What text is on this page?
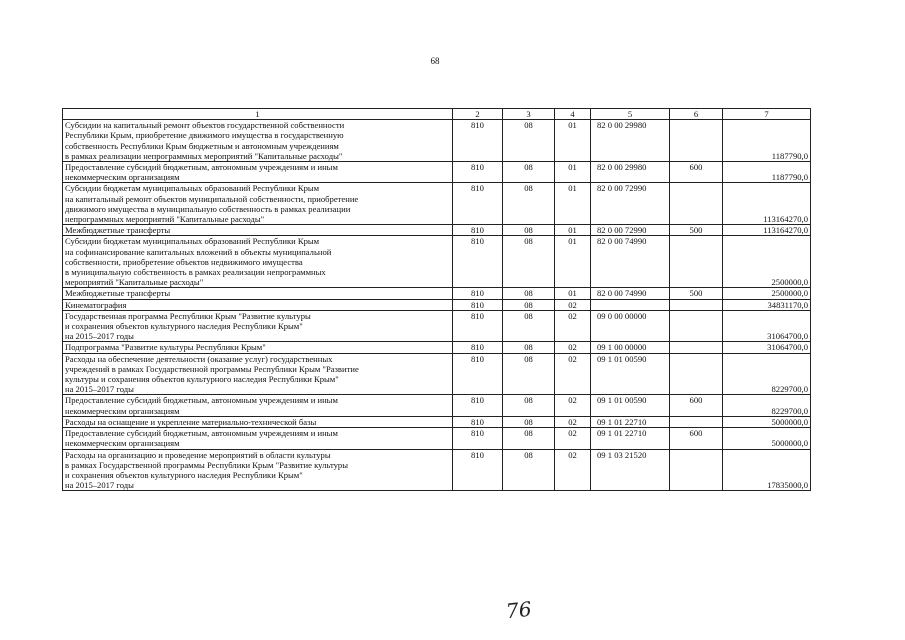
68
1	2	3	4	5	6	7
Субсидии на капитальный ремонт объектов государственной собственности
Республики Крым, приобретение движимого имущества в государственную
собственность Республики Крым бюджетным и автономным учреждениям
в рамках реализации непрограммных мероприятий "Капитальные расходы"	810	08	01	82 0 00 29980		1187790,0
Предоставление субсидий бюджетным, автономным учреждениям и иным
некоммерческим организациям	810	08	01	82 0 00 29980	600	1187790,0
Субсидии бюджетам муниципальных образований Республики Крым
на капитальный ремонт объектов муниципальной собственности, приобретение
движимого имущества в муниципальную собственность в рамках реализации
непрограммных мероприятий "Капитальные расходы"	810	08	01	82 0 00 72990		113164270,0
Межбюджетные трансферты	810	08	01	82 0 00 72990	500	113164270,0
Субсидии бюджетам муниципальных образований Республики Крым
на софинансирование капитальных вложений в объекты муниципальной
собственности, приобретение объектов недвижимого имущества
в муниципальную собственность в рамках реализации непрограммных
мероприятий "Капитальные расходы"	810	08	01	82 0 00 74990		2500000,0
Межбюджетные трансферты	810	08	01	82 0 00 74990	500	2500000,0
Кинематография	810	08	02			34831170,0
Государственная программа Республики Крым "Развитие культуры
и сохранения объектов культурного наследия Республики Крым"
на 2015–2017 годы	810	08	02	09 0 00 00000		31064700,0
Подпрограмма "Развитие культуры Республики Крым"	810	08	02	09 1 00 00000		31064700,0
Расходы на обеспечение деятельности (оказание услуг) государственных
учреждений в рамках Государственной программы Республики Крым "Развитие
культуры и сохранения объектов культурного наследия Республики Крым"
на 2015–2017 годы	810	08	02	09 1 01 00590		8229700,0
Предоставление субсидий бюджетным, автономным учреждениям и иным
некоммерческим организациям	810	08	02	09 1 01 00590	600	8229700,0
Расходы на оснащение и укрепление материально-технической базы	810	08	02	09 1 01 22710		5000000,0
Предоставление субсидий бюджетным, автономным учреждениям и иным
некоммерческим организациям	810	08	02	09 1 01 22710	600	5000000,0
Расходы на организацию и проведение мероприятий в области культуры
в рамках Государственной программы Республики Крым "Развитие культуры
и сохранения объектов культурного наследия Республики Крым"
на 2015–2017 годы	810	08	02	09 1 03 21520		17835000,0
76
